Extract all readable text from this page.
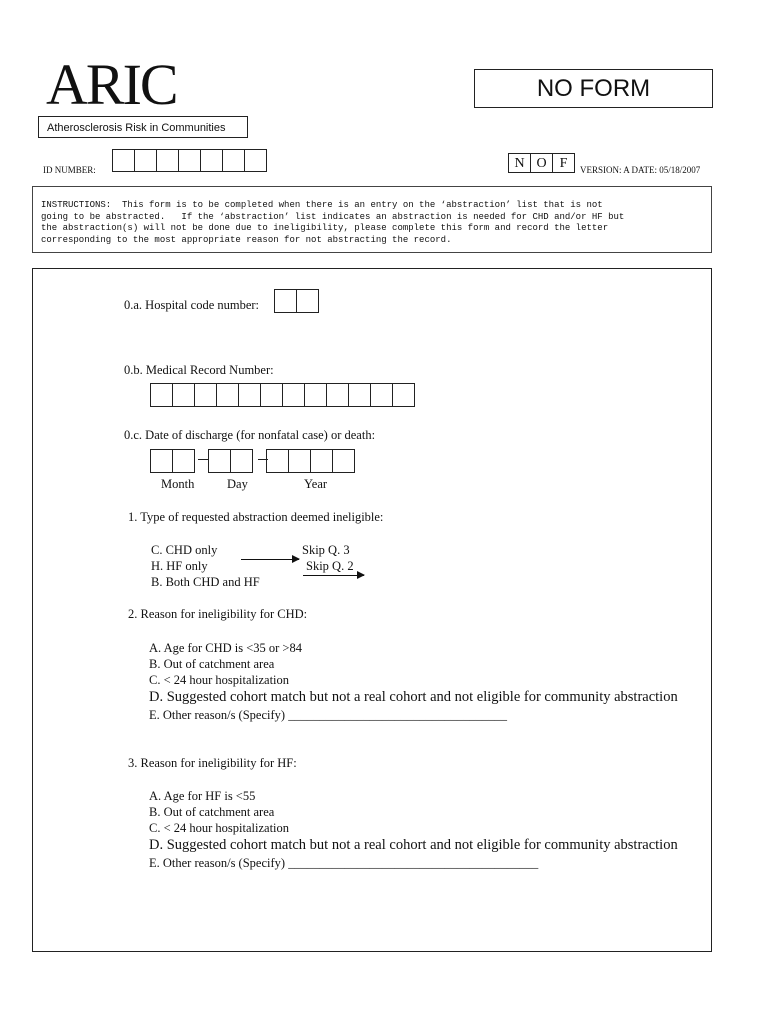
ARIC
Atherosclerosis Risk in Communities
NO FORM
ID NUMBER:	N O F	VERSION: A DATE: 05/18/2007
INSTRUCTIONS:  This form is to be completed when there is an entry on the ‘abstraction’ list that is not
going to be abstracted.   If the ‘abstraction’ list indicates an abstraction is needed for CHD and/or HF but
the abstraction(s) will not be done due to ineligibility, please complete this form and record the letter
corresponding to the most appropriate reason for not abstracting the record.
0.a. Hospital code number:
0.b. Medical Record Number:
0.c. Date of discharge (for nonfatal case) or death:
Month	Day	Year
1. Type of requested abstraction deemed ineligible:
C. CHD only
	Skip Q. 3
H. HF only	Skip Q. 2
B. Both CHD and HF
2. Reason for ineligibility for CHD:
A. Age for CHD is <35 or >84
B. Out of catchment area
C. < 24 hour hospitalization
D. Suggested cohort match but not a real cohort and not eligible for community abstraction
E. Other reason/s (Specify) ___________________________________
3. Reason for ineligibility for HF:
A. Age for HF is <55
B. Out of catchment area
C. < 24 hour hospitalization
D. Suggested cohort match but not a real cohort and not eligible for community abstraction
E. Other reason/s (Specify) ________________________________________
